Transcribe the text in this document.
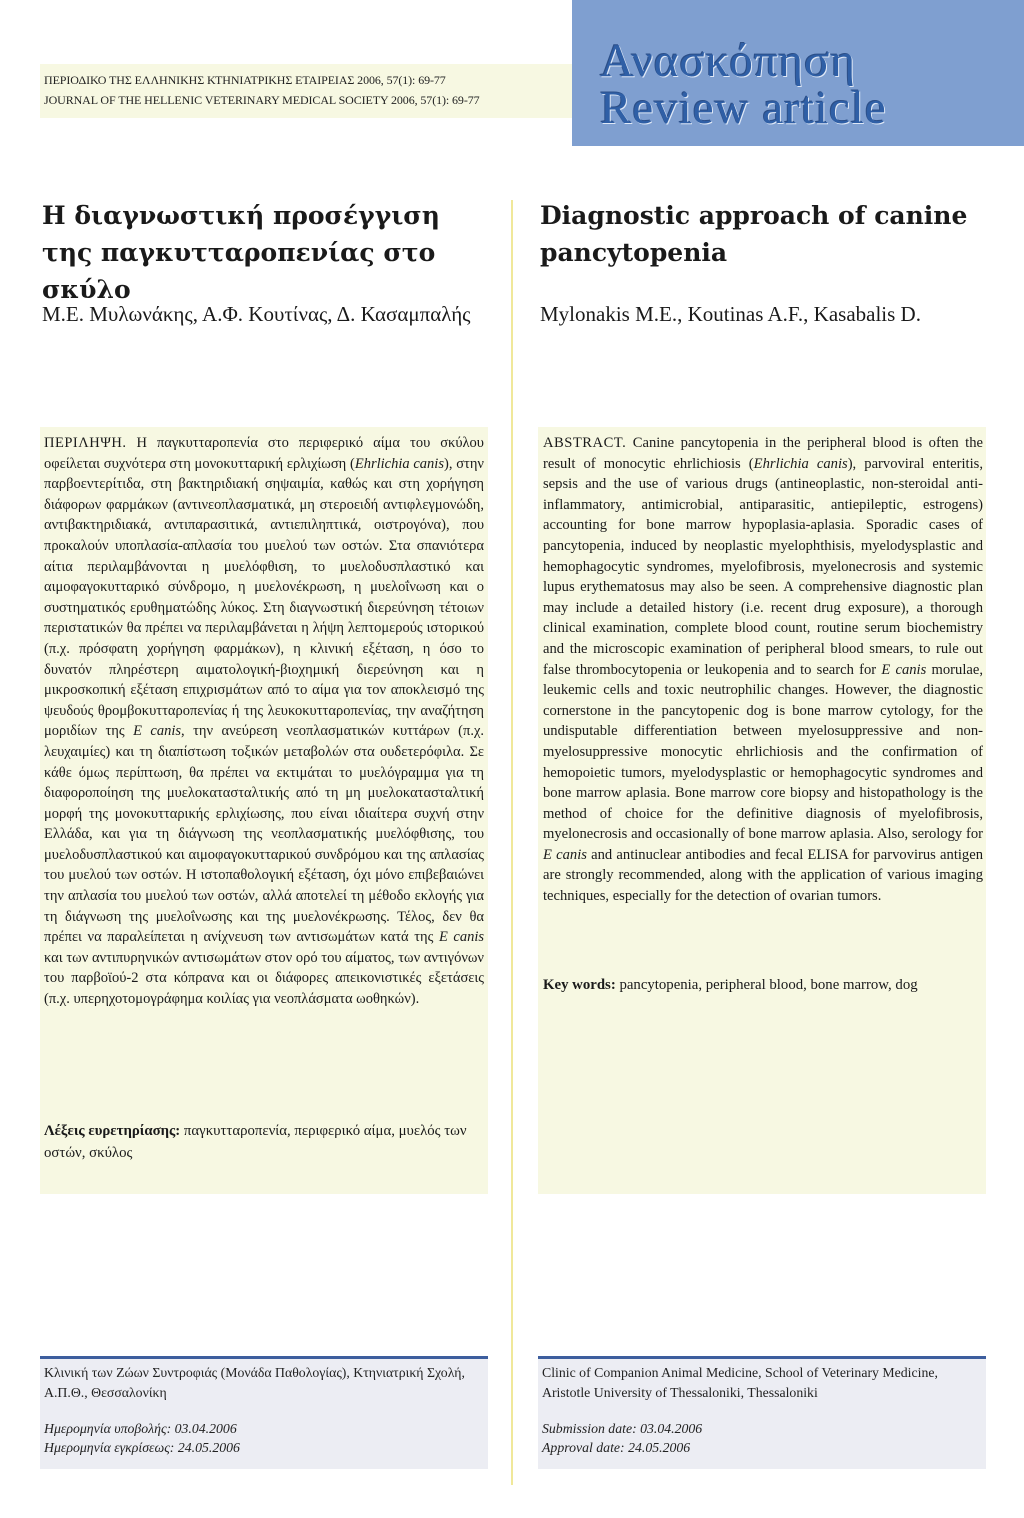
ΠΕΡΙΟΔΙΚΟ ΤΗΣ ΕΛΛΗΝΙΚΗΣ ΚΤΗΝΙΑΤΡΙΚΗΣ ΕΤΑΙΡΕΙΑΣ 2006, 57(1): 69-77
JOURNAL OF THE HELLENIC VETERINARY MEDICAL SOCIETY 2006, 57(1): 69-77
Ανασκόπηση
Review article
Η διαγνωστική προσέγγιση της παγκυτταροπενίας στο σκύλο
Diagnostic approach of canine pancytopenia
Μ.Ε. Μυλωνάκης, Α.Φ. Κουτίνας, Δ. Κασαμπαλής	Mylonakis M.E., Koutinas A.F., Kasabalis D.
ΠΕΡΙΛΗΨΗ. Η παγκυτταροπενία στο περιφερικό αίμα του σκύλου οφείλεται συχνότερα στη μονοκυτταρική ερλιχίωση (Ehrlichia canis), στην παρβοεντερίτιδα, στη βακτηριδιακή σηψαιμία, καθώς και στη χορήγηση διάφορων φαρμάκων (αντινεοπλασματικά, μη στεροειδή αντιφλεγμονώδη, αντιβακτηριδιακά, αντιπαρασιτικά, αντιεπιληπτικά, οιστρογόνα), που προκαλούν υποπλασία-απλασία του μυελού των οστών. Στα σπανιότερα αίτια περιλαμβάνονται η μυελόφθιση, το μυελοδυσπλαστικό και αιμοφαγοκυτταρικό σύνδρομο, η μυελονέκρωση, η μυελοΐνωση και ο συστηματικός ερυθηματώδης λύκος. Στη διαγνωστική διερεύνηση τέτοιων περιστατικών θα πρέπει να περιλαμβάνεται η λήψη λεπτομερούς ιστορικού (π.χ. πρόσφατη χορήγηση φαρμάκων), η κλινική εξέταση, η όσο το δυνατόν πληρέστερη αιματολογική-βιοχημική διερεύνηση και η μικροσκοπική εξέταση επιχρισμάτων από το αίμα για τον αποκλεισμό της ψευδούς θρομβοκυτταροπενίας ή της λευκοκυτταροπενίας, την αναζήτηση μοριδίων της E canis, την ανεύρεση νεοπλασματικών κυττάρων (π.χ. λευχαιμίες) και τη διαπίστωση τοξικών μεταβολών στα ουδετερόφιλα. Σε κάθε όμως περίπτωση, θα πρέπει να εκτιμάται το μυελόγραμμα για τη διαφοροποίηση της μυελοκατασταλτικής από τη μη μυελοκατασταλτική μορφή της μονοκυτταρικής ερλιχίωσης, που είναι ιδιαίτερα συχνή στην Ελλάδα, και για τη διάγνωση της νεοπλασματικής μυελόφθισης, του μυελοδυσπλαστικού και αιμοφαγοκυτταρικού συνδρόμου και της απλασίας του μυελού των οστών. Η ιστοπαθολογική εξέταση, όχι μόνο επιβεβαιώνει την απλασία του μυελού των οστών, αλλά αποτελεί τη μέθοδο εκλογής για τη διάγνωση της μυελοΐνωσης και της μυελονέκρωσης. Τέλος, δεν θα πρέπει να παραλείπεται η ανίχνευση των αντισωμάτων κατά της E canis και των αντιπυρηνικών αντισωμάτων στον ορό του αίματος, των αντιγόνων του παρβοϊού-2 στα κόπρανα και οι διάφορες απεικονιστικές εξετάσεις (π.χ. υπερηχοτομογράφημα κοιλίας για νεοπλάσματα ωοθηκών).
Λέξεις ευρετηρίασης: παγκυτταροπενία, περιφερικό αίμα, μυελός των οστών, σκύλος
ABSTRACT. Canine pancytopenia in the peripheral blood is often the result of monocytic ehrlichiosis (Ehrlichia canis), parvoviral enteritis, sepsis and the use of various drugs (antineoplastic, non-steroidal anti-inflammatory, antimicrobial, antiparasitic, antiepileptic, estrogens) accounting for bone marrow hypoplasia-aplasia. Sporadic cases of pancytopenia, induced by neoplastic myelophthisis, myelodysplastic and hemophagocytic syndromes, myelofibrosis, myelonecrosis and systemic lupus erythematosus may also be seen. A comprehensive diagnostic plan may include a detailed history (i.e. recent drug exposure), a thorough clinical examination, complete blood count, routine serum biochemistry and the microscopic examination of peripheral blood smears, to rule out false thrombocytopenia or leukopenia and to search for E canis morulae, leukemic cells and toxic neutrophilic changes. However, the diagnostic cornerstone in the pancytopenic dog is bone marrow cytology, for the undisputable differentiation between myelosuppressive and non-myelosuppressive monocytic ehrlichiosis and the confirmation of hemopoietic tumors, myelodysplastic or hemophagocytic syndromes and bone marrow aplasia. Bone marrow core biopsy and histopathology is the method of choice for the definitive diagnosis of myelofibrosis, myelonecrosis and occasionally of bone marrow aplasia. Also, serology for E canis and antinuclear antibodies and fecal ELISA for parvovirus antigen are strongly recommended, along with the application of various imaging techniques, especially for the detection of ovarian tumors.
Key words: pancytopenia, peripheral blood, bone marrow, dog
Κλινική των Ζώων Συντροφιάς (Μονάδα Παθολογίας), Κτηνιατρική Σχολή, Α.Π.Θ., Θεσσαλονίκη
Clinic of Companion Animal Medicine, School of Veterinary Medicine, Aristotle University of Thessaloniki, Thessaloniki
Ημερομηνία υποβολής: 03.04.2006
Ημερομηνία εγκρίσεως: 24.05.2006
Submission date: 03.04.2006
Approval date: 24.05.2006
